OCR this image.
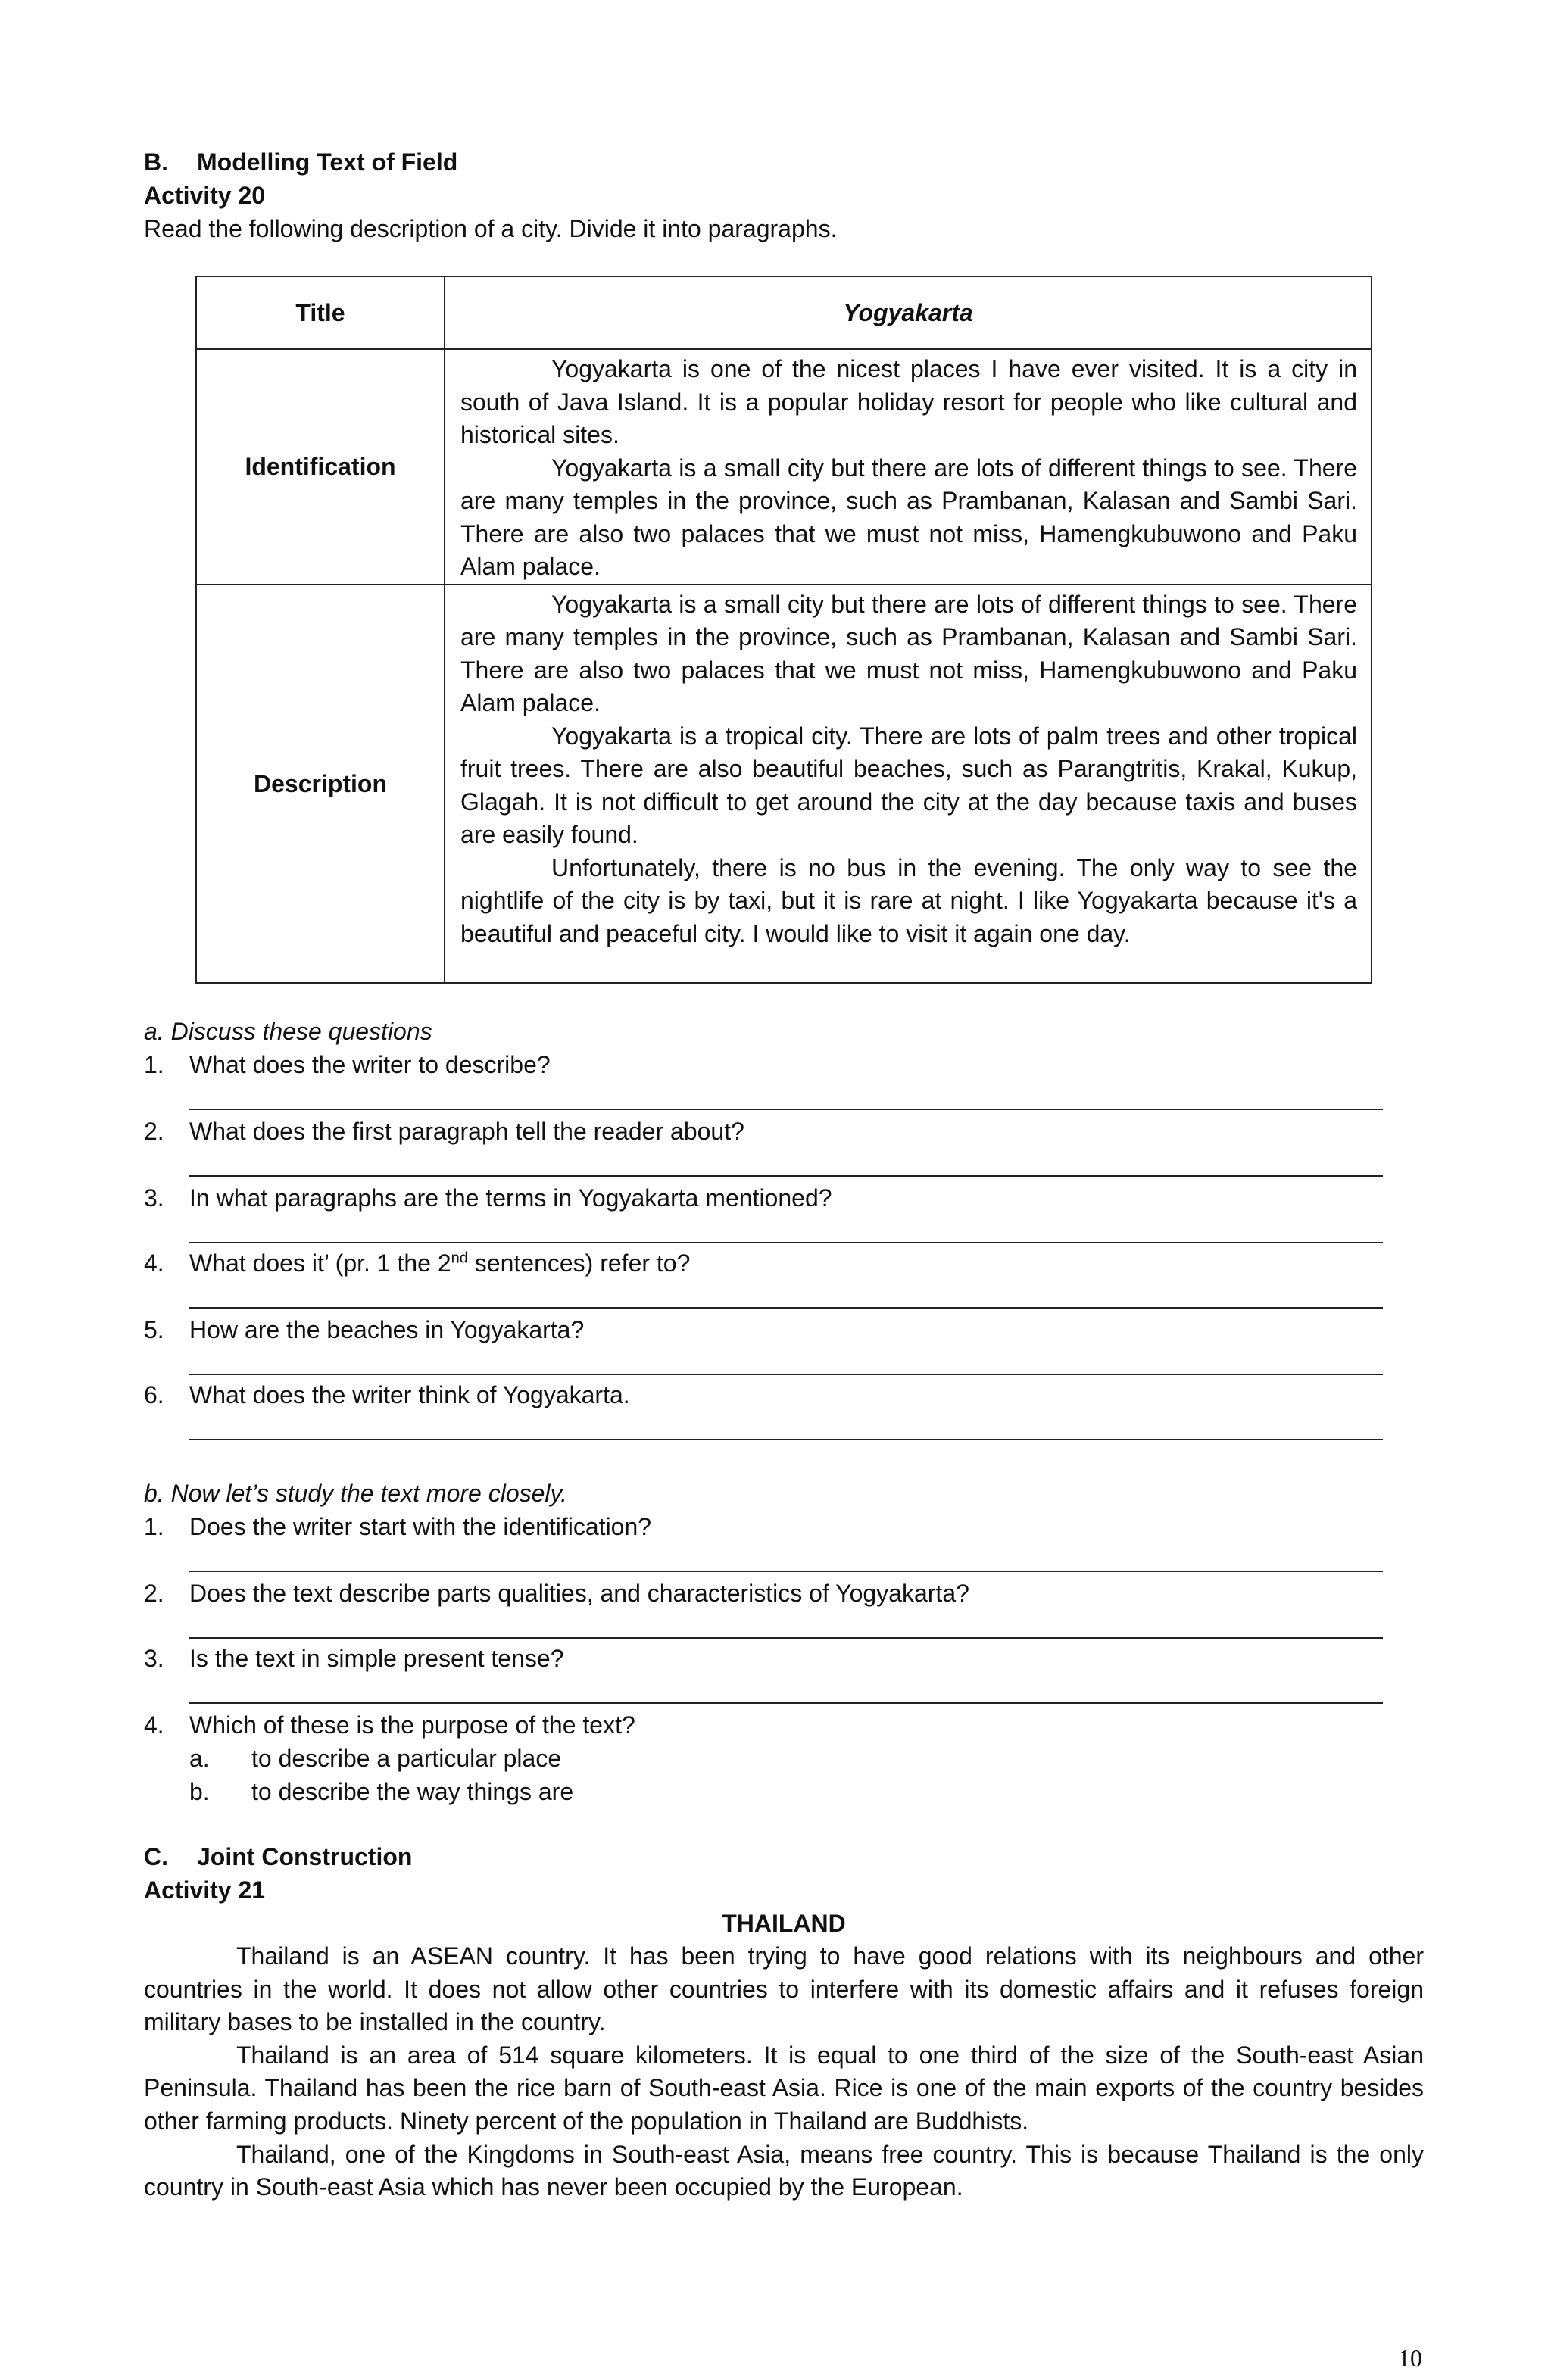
B. Modelling Text of Field
Activity 20
Read the following description of a city. Divide it into paragraphs.
Title	Yogyakarta
Identification	Yogyakarta is one of the nicest places I have ever visited. It is a city in south of Java Island. It is a popular holiday resort for people who like cultural and historical sites.

Yogyakarta is a small city but there are lots of different things to see. There are many temples in the province, such as Prambanan, Kalasan and Sambi Sari. There are also two palaces that we must not miss, Hamengkubuwono and Paku Alam palace.

Description	Yogyakarta is a small city but there are lots of different things to see. There are many temples in the province, such as Prambanan, Kalasan and Sambi Sari. There are also two palaces that we must not miss, Hamengkubuwono and Paku Alam palace.

Yogyakarta is a tropical city. There are lots of palm trees and other tropical fruit trees. There are also beautiful beaches, such as Parangtritis, Krakal, Kukup, Glagah. It is not difficult to get around the city at the day because taxis and buses are easily found.

Unfortunately, there is no bus in the evening. The only way to see the nightlife of the city is by taxi, but it is rare at night. I like Yogyakarta because it's a beautiful and peaceful city. I would like to visit it again one day.

a. Discuss these questions
1. What does the writer to describe?
2. What does the first paragraph tell the reader about?
3. In what paragraphs are the terms in Yogyakarta mentioned?
4. What does it’ (pr. 1 the 2nd sentences) refer to?
5. How are the beaches in Yogyakarta?
6. What does the writer think of Yogyakarta.
b. Now let’s study the text more closely.
1. Does the writer start with the identification?
2. Does the text describe parts qualities, and characteristics of Yogyakarta?
3. Is the text in simple present tense?
4. Which of these is the purpose of the text?
a. to describe a particular place
b. to describe the way things are
C. Joint Construction
Activity 21
THAILAND

Thailand is an ASEAN country. It has been trying to have good relations with its neighbours and other countries in the world. It does not allow other countries to interfere with its domestic affairs and it refuses foreign military bases to be installed in the country.

Thailand is an area of 514 square kilometers. It is equal to one third of the size of the South-east Asian Peninsula. Thailand has been the rice barn of South-east Asia. Rice is one of the main exports of the country besides other farming products. Ninety percent of the population in Thailand are Buddhists.

Thailand, one of the Kingdoms in South-east Asia, means free country. This is because Thailand is the only country in South-east Asia which has never been occupied by the European.

10
